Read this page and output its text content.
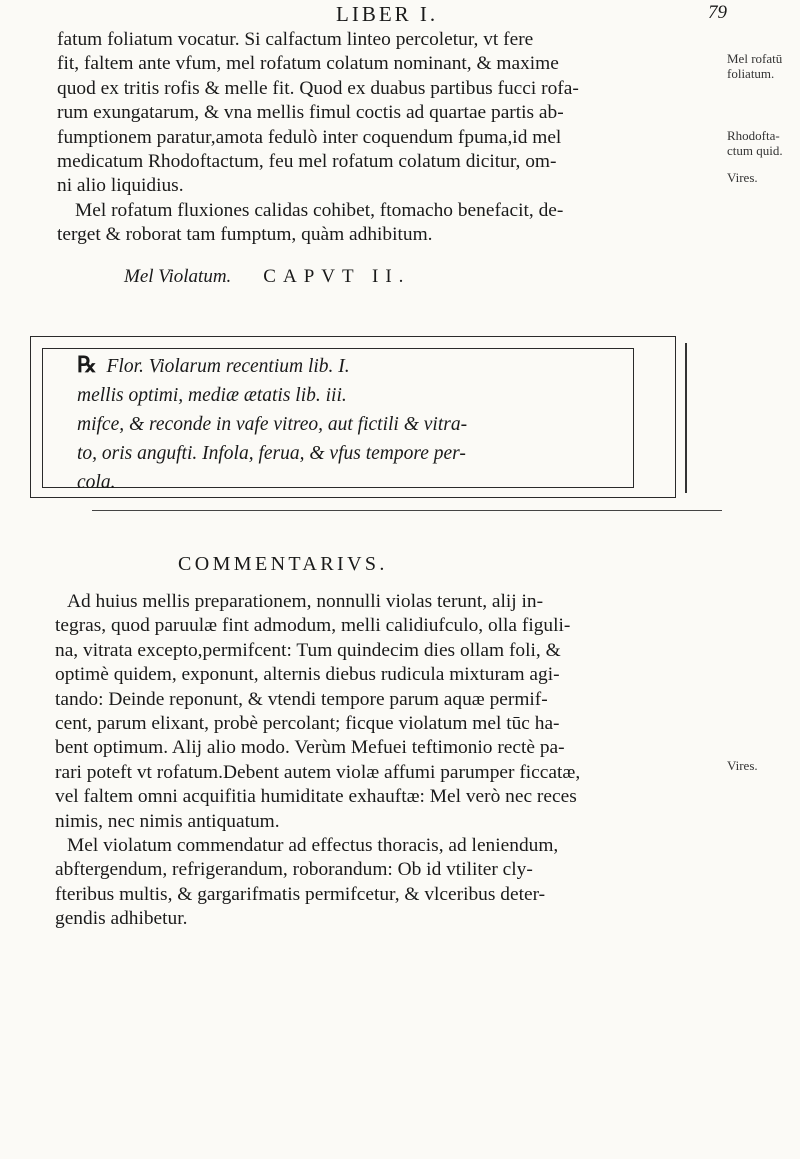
LIBER I.	79
fatum foliatum vocatur. Si calfactum linteo percoletur, vt fere
fit, faltem ante vfum, mel rofatum colatum nominant, & maxime
quod ex tritis rofis & melle fit. Quod ex duabus partibus fucci rofa-
rum exungatarum, & vna mellis fimul coctis ad quartae partis ab-
fumptionem paratur,amota fedulò inter coquendum fpuma,id mel
medicatum Rhodoftactum, feu mel rofatum colatum dicitur, om-
ni alio liquidius.
Mel rofatum fluxiones calidas cohibet, ftomacho benefacit, de-
terget & roborat tam fumptum, quàm adhibitum.
Mel rofatū
foliatum.
Rhodofta-
ctum quid.
Vires.
Mel Violatum. CAPVT II.
℞ Flor. Violarum recentium lib. I.
mellis optimi, mediæ ætatis lib. iii.
mifce, & reconde in vafe vitreo, aut fictili & vitra-
to, oris angufti. Infola, ferua, & vfus tempore per-
cola.
COMMENTARIVS.
Ad huius mellis preparationem, nonnulli violas terunt, alij in-
tegras, quod paruulæ fint admodum, melli calidiufculo, olla figuli-
na, vitrata excepto,permifcent: Tum quindecim dies ollam foli, &
optimè quidem, exponunt, alternis diebus rudicula mixturam agi-
tando: Deinde reponunt, & vtendi tempore parum aquæ permif-
cent, parum elixant, probè percolant; ficque violatum mel tūc ha-
bent optimum. Alij alio modo. Verùm Mefuei teftimonio rectè pa-
rari poteft vt rofatum.Debent autem violæ affumi parumper ficcatæ,
vel faltem omni acquifitia humiditate exhauftæ: Mel verò nec reces
nimis, nec nimis antiquatum.
Mel violatum commendatur ad effectus thoracis, ad leniendum,
abftergendum, refrigerandum, roborandum: Ob id vtiliter cly-
fteribus multis, & gargarifmatis permifcetur, & vlceribus deter-
gendis adhibetur.
Vires.
